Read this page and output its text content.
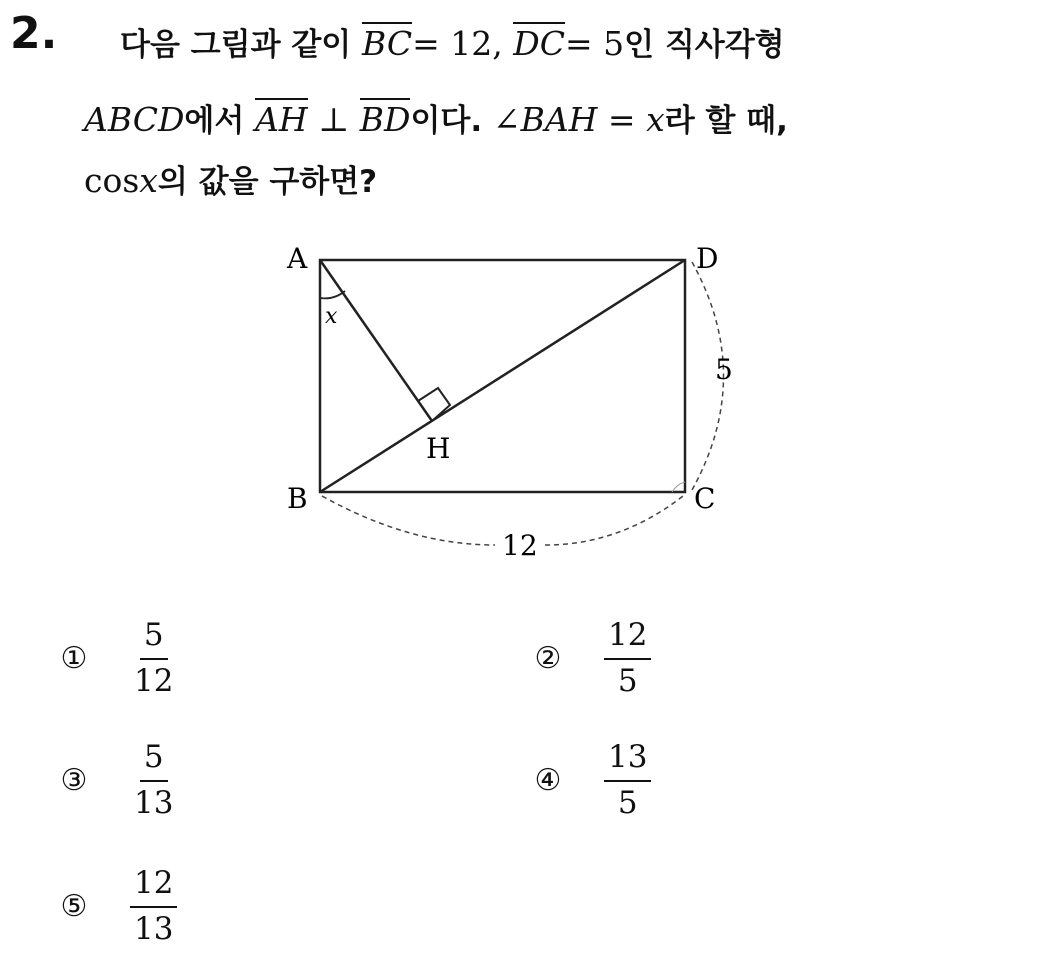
2. 다음 그림과 같이 BC= 12, DC= 5인 직사각형
ABCD에서 AH ⊥ BD이다. ∠BAH = x라 할 때,
cosx의 값을 구하면?
A
B	C
D
H
x
5
12
① $\frac{5}{12}$	② $\frac{12}{5}$
③ $\frac{5}{13}$	④ $\frac{13}{5}$
⑤ $\frac{12}{13}$
